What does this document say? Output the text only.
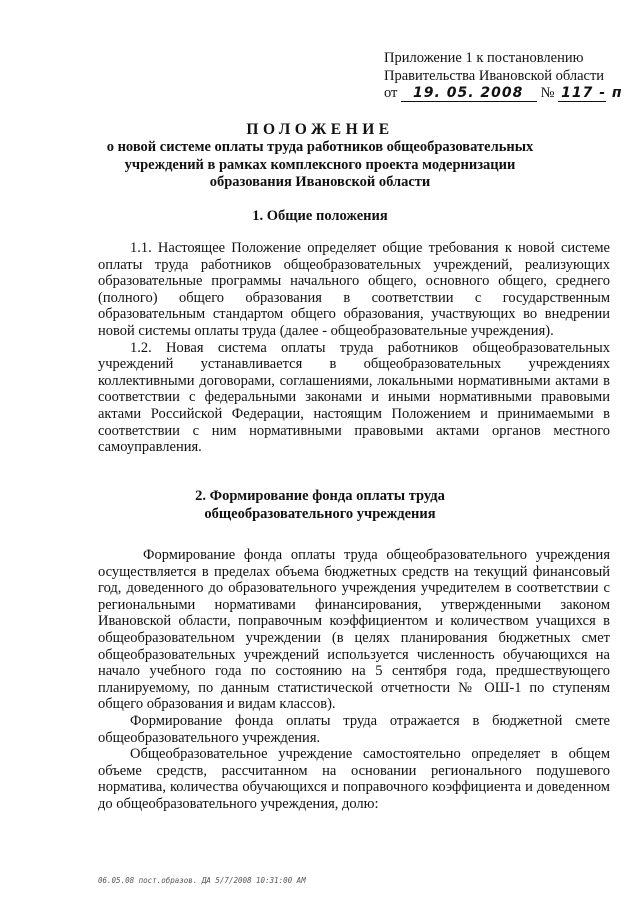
Приложение 1 к постановлению
Правительства Ивановской области
от 19. 05. 2008 № 117 - п
ПОЛОЖЕНИЕ
о новой системе оплаты труда работников общеобразовательных учреждений в рамках комплексного проекта модернизации образования Ивановской области
1. Общие положения

1.1. Настоящее Положение определяет общие требования к новой системе оплаты труда работников общеобразовательных учреждений, реализующих образовательные программы начального общего, основного общего, среднего (полного) общего образования в соответствии с государственным образовательным стандартом общего образования, участвующих во внедрении новой системы оплаты труда (далее - общеобразовательные учреждения).

1.2. Новая система оплаты труда работников общеобразовательных учреждений устанавливается в общеобразовательных учреждениях коллективными договорами, соглашениями, локальными нормативными актами в соответствии с федеральными законами и иными нормативными правовыми актами Российской Федерации, настоящим Положением и принимаемыми в соответствии с ним нормативными правовыми актами органов местного самоуправления.

2. Формирование фонда оплаты труда
общеобразовательного учреждения

Формирование фонда оплаты труда общеобразовательного учреждения осуществляется в пределах объема бюджетных средств на текущий финансовый год, доведенного до образовательного учреждения учредителем в соответствии с региональными нормативами финансирования, утвержденными законом Ивановской области, поправочным коэффициентом и количеством учащихся в общеобразовательном учреждении (в целях планирования бюджетных смет общеобразовательных учреждений используется численность обучающихся на начало учебного года по состоянию на 5 сентября года, предшествующего планируемому, по данным статистической отчетности № ОШ-1 по ступеням общего образования и видам классов).

Формирование фонда оплаты труда отражается в бюджетной смете общеобразовательного учреждения.

Общеобразовательное учреждение самостоятельно определяет в общем объеме средств, рассчитанном на основании регионального подушевого норматива, количества обучающихся и поправочного коэффициента и доведенном до общеобразовательного учреждения, долю:

06.05.08 пост.образов. ДА 5/7/2008 10:31:00 AM
